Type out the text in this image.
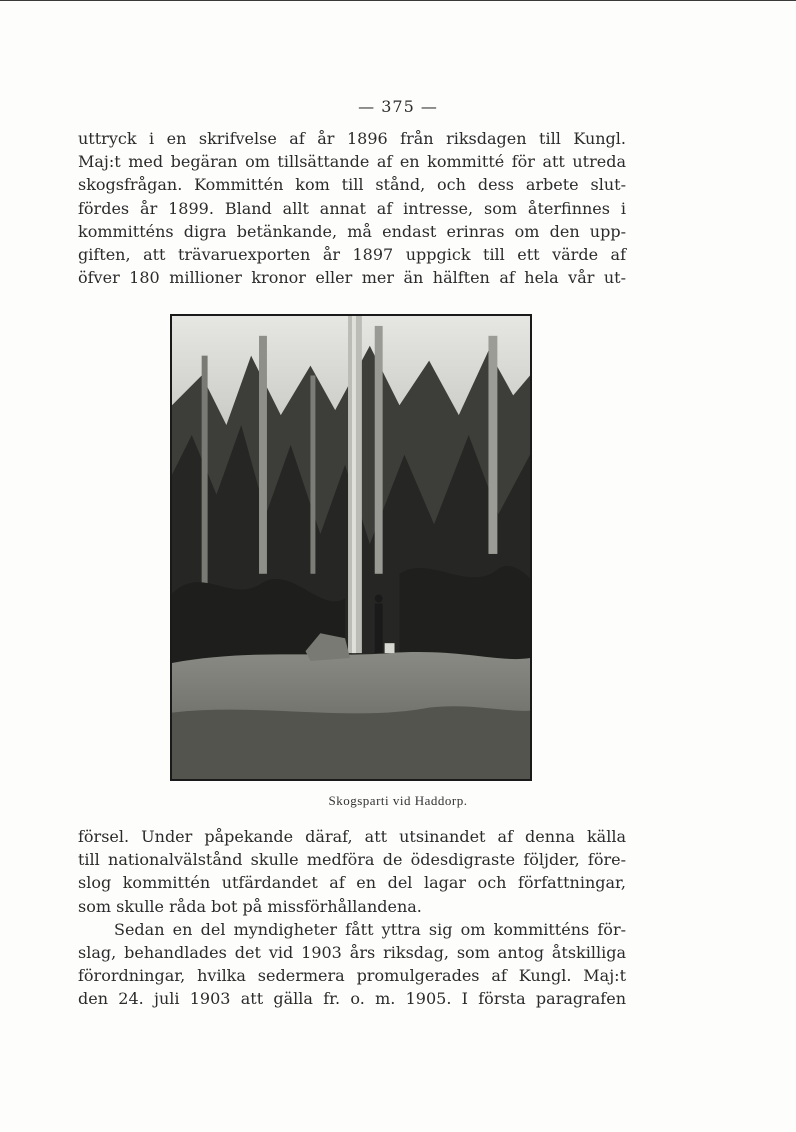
— 375 —
uttryck i en skrifvelse af år 1896 från riksdagen till Kungl.
Maj:t med begäran om tillsättande af en kommitté för att utreda
skogsfrågan. Kommittén kom till stånd, och dess arbete slut-
fördes år 1899. Bland allt annat af intresse, som återfinnes i
kommitténs digra betänkande, må endast erinras om den upp-
giften, att trävaruexporten år 1897 uppgick till ett värde af
öfver 180 millioner kronor eller mer än hälften af hela vår ut-
Skogsparti vid Haddorp.
försel. Under påpekande däraf, att utsinandet af denna källa
till nationalvälstånd skulle medföra de ödesdigraste följder, före-
slog kommittén utfärdandet af en del lagar och författningar,
som skulle råda bot på missförhållandena.
Sedan en del myndigheter fått yttra sig om kommitténs för-
slag, behandlades det vid 1903 års riksdag, som antog åtskilliga
förordningar, hvilka sedermera promulgerades af Kungl. Maj:t
den 24. juli 1903 att gälla fr. o. m. 1905. I första paragrafen
